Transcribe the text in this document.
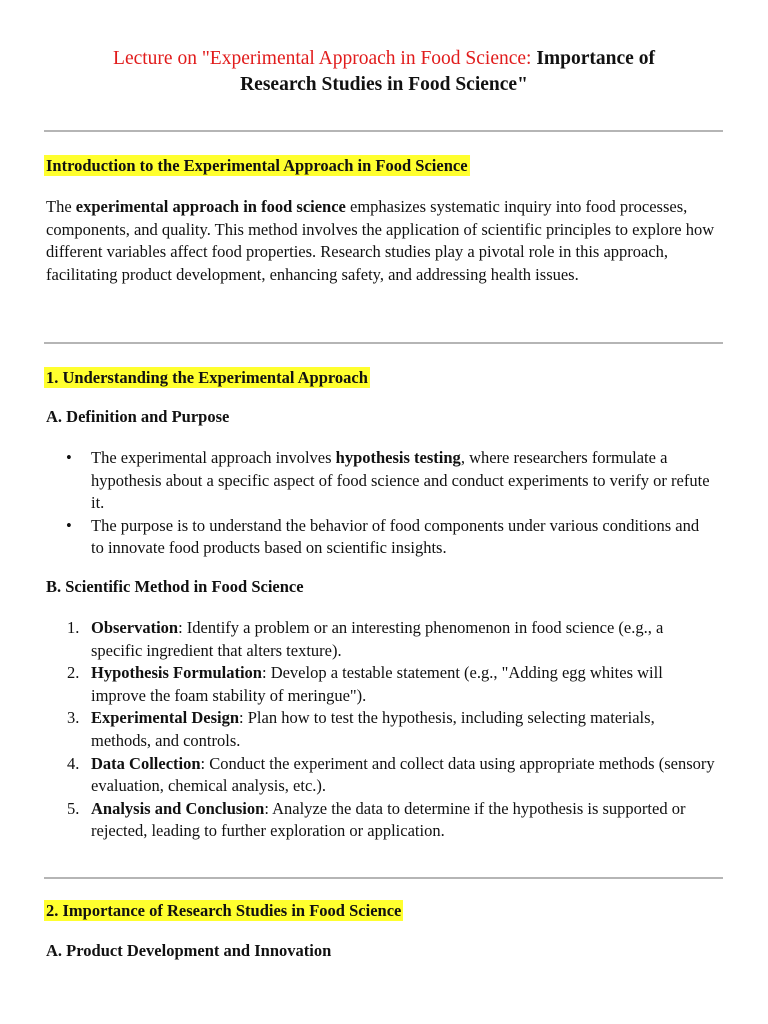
Lecture on "Experimental Approach in Food Science: Importance of
Research Studies in Food Science"
Introduction to the Experimental Approach in Food Science
The experimental approach in food science emphasizes systematic inquiry into food processes, components, and quality. This method involves the application of scientific principles to explore how different variables affect food properties. Research studies play a pivotal role in this approach, facilitating product development, enhancing safety, and addressing health issues.
1. Understanding the Experimental Approach
A. Definition and Purpose
• The experimental approach involves hypothesis testing, where researchers formulate a hypothesis about a specific aspect of food science and conduct experiments to verify or refute it.
• The purpose is to understand the behavior of food components under various conditions and to innovate food products based on scientific insights.
B. Scientific Method in Food Science
1. Observation: Identify a problem or an interesting phenomenon in food science (e.g., a specific ingredient that alters texture).
2. Hypothesis Formulation: Develop a testable statement (e.g., "Adding egg whites will improve the foam stability of meringue").
3. Experimental Design: Plan how to test the hypothesis, including selecting materials, methods, and controls.
4. Data Collection: Conduct the experiment and collect data using appropriate methods (sensory evaluation, chemical analysis, etc.).
5. Analysis and Conclusion: Analyze the data to determine if the hypothesis is supported or rejected, leading to further exploration or application.
2. Importance of Research Studies in Food Science
A. Product Development and Innovation
